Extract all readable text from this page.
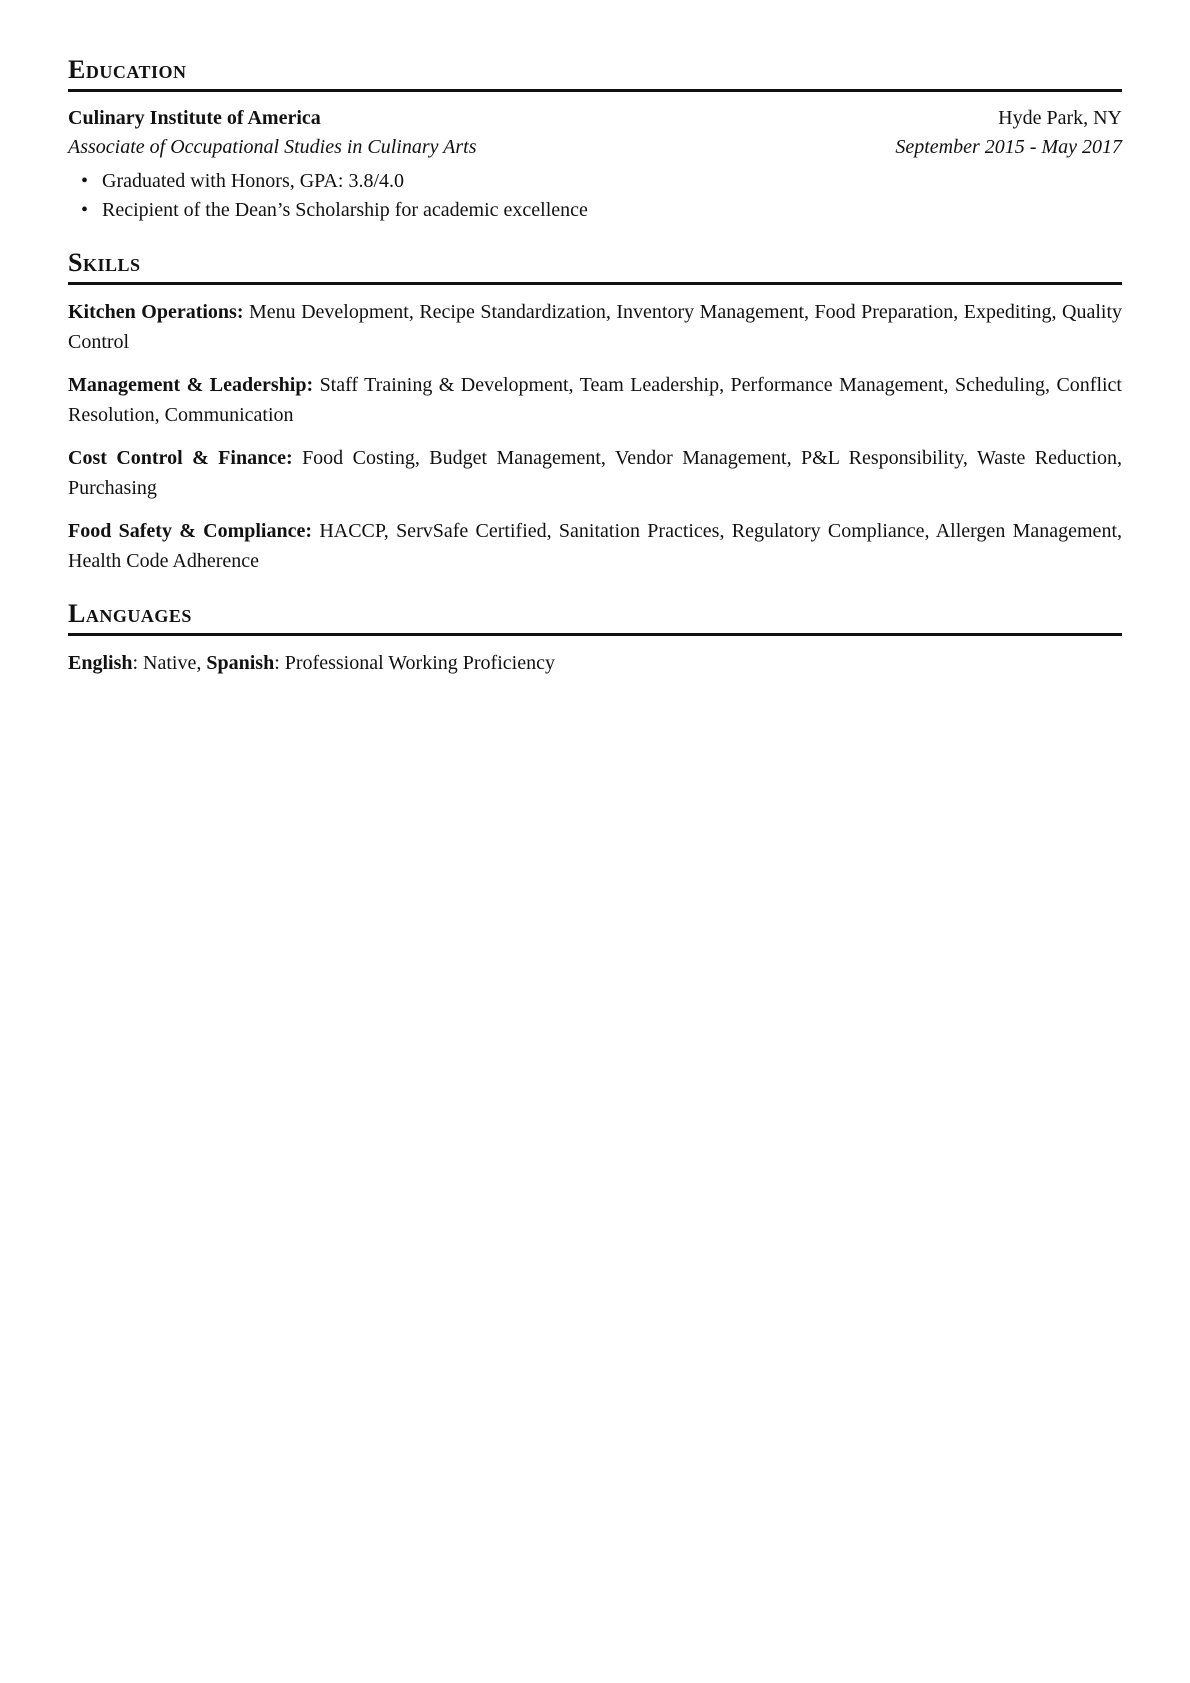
Education
Culinary Institute of America	Hyde Park, NY
Associate of Occupational Studies in Culinary Arts	September 2015 - May 2017
• Graduated with Honors, GPA: 3.8/4.0
• Recipient of the Dean’s Scholarship for academic excellence
Skills

Kitchen Operations: Menu Development, Recipe Standardization, Inventory Management, Food Preparation, Expediting, Quality Control

Management & Leadership: Staff Training & Development, Team Leadership, Performance Management, Scheduling, Conflict Resolution, Communication

Cost Control & Finance: Food Costing, Budget Management, Vendor Management, P&L Responsibility, Waste Reduction, Purchasing

Food Safety & Compliance: HACCP, ServSafe Certified, Sanitation Practices, Regulatory Compliance, Allergen Management, Health Code Adherence

Languages

English: Native, Spanish: Professional Working Proficiency
